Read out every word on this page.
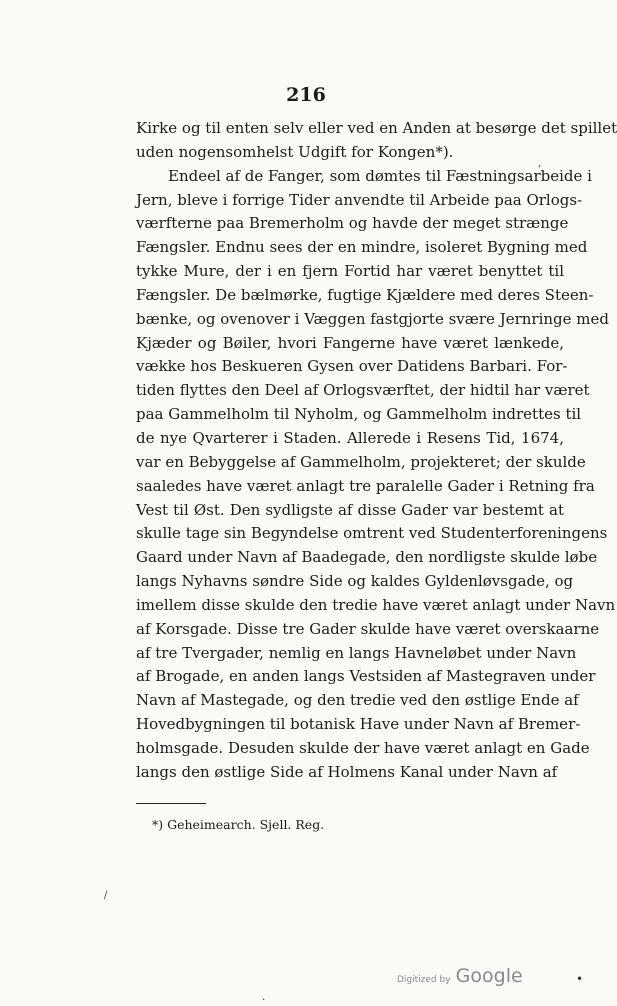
216
Kirke og til enten selv eller ved en Anden at besørge det spillet
uden nogensomhelst Udgift for Kongen*).
Endeel af de Fanger, som dømtes til Fæstningsarbeide i
Jern, bleve i forrige Tider anvendte til Arbeide paa Orlogs-
værfterne paa Bremerholm og havde der meget strænge
Fængsler. Endnu sees der en mindre, isoleret Bygning med
tykke Mure, der i en fjern Fortid har været benyttet til
Fængsler. De bælmørke, fugtige Kjældere med deres Steen-
bænke, og ovenover i Væggen fastgjorte svære Jernringe med
Kjæder og Bøiler, hvori Fangerne have været lænkede,
vække hos Beskueren Gysen over Datidens Barbari. For-
tiden flyttes den Deel af Orlogsværftet, der hidtil har været
paa Gammelholm til Nyholm, og Gammelholm indrettes til
de nye Qvarterer i Staden. Allerede i Resens Tid, 1674,
var en Bebyggelse af Gammelholm, projekteret; der skulde
saaledes have været anlagt tre paralelle Gader i Retning fra
Vest til Øst. Den sydligste af disse Gader var bestemt at
skulle tage sin Begyndelse omtrent ved Studenterforeningens
Gaard under Navn af Baadegade, den nordligste skulde løbe
langs Nyhavns søndre Side og kaldes Gyldenløvsgade, og
imellem disse skulde den tredie have været anlagt under Navn
af Korsgade. Disse tre Gader skulde have været overskaarne
af tre Tvergader, nemlig en langs Havneløbet under Navn
af Brogade, en anden langs Vestsiden af Mastegraven under
Navn af Mastegade, og den tredie ved den østlige Ende af
Hovedbygningen til botanisk Have under Navn af Bremer-
holmsgade. Desuden skulde der have været anlagt en Gade
langs den østlige Side af Holmens Kanal under Navn af
*) Geheimearch. Sjell. Reg.
,
/
•
.
Digitized by Google
